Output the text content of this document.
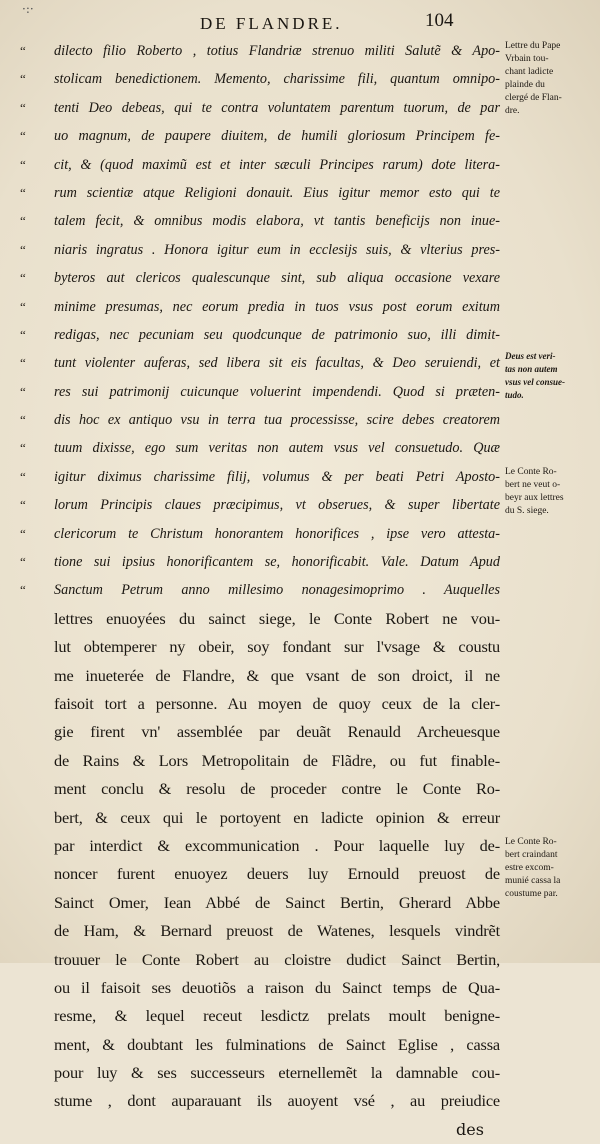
·:·
DE FLANDRE.	104
“	dilecto filio Roberto , totius Flandriæ strenuo militi Salutẽ & Apo-
“	stolicam benedictionem. Memento, charissime fili, quantum omnipo-
“	tenti Deo debeas, qui te contra voluntatem parentum tuorum, de par
“	uo magnum, de paupere diuitem, de humili gloriosum Principem fe-
“	cit, & (quod maximũ est et inter sæculi Principes rarum) dote litera-
“	rum scientiæ atque Religioni donauit. Eius igitur memor esto qui te
“	talem fecit, & omnibus modis elabora, vt tantis beneficijs non inue-
“	niaris ingratus . Honora igitur eum in ecclesijs suis, & vlterius pres-
“	byteros aut clericos qualescunque sint, sub aliqua occasione vexare
“	minime presumas, nec eorum predia in tuos vsus post eorum exitum
“	redigas, nec pecuniam seu quodcunque de patrimonio suo, illi dimit-
“	tunt violenter auferas, sed libera sit eis facultas, & Deo seruiendi, et
“	res sui patrimonij cuicunque voluerint impendendi. Quod si præten-
“	dis hoc ex antiquo vsu in terra tua processisse, scire debes creatorem
“	tuum dixisse, ego sum veritas non autem vsus vel consuetudo. Quæ
“	igitur diximus charissime filij, volumus & per beati Petri Aposto-
“	lorum Principis claues præcipimus, vt obserues, & super libertate
“	clericorum te Christum honorantem honorifices , ipse vero attesta-
“	tione sui ipsius honorificantem se, honorificabit. Vale. Datum Apud
“	Sanctum Petrum anno millesimo nonagesimoprimo . Auquelles
lettres enuoyées du sainct siege, le Conte Robert ne vou-
lut obtemperer ny obeir, soy fondant sur l'vsage & coustu
me inueterée de Flandre, & que vsant de son droict, il ne
faisoit tort a personne. Au moyen de quoy ceux de la cler-
gie firent vn' assemblée par deuãt Renauld Archeuesque
de Rains & Lors Metropolitain de Flãdre, ou fut finable-
ment conclu & resolu de proceder contre le Conte Ro-
bert, & ceux qui le portoyent en ladicte opinion & erreur
par interdict & excommunication . Pour laquelle luy de-
noncer furent enuoyez deuers luy Ernould preuost de
Sainct Omer, Iean Abbé de Sainct Bertin, Gherard Abbe
de Ham, & Bernard preuost de Watenes, lesquels vindrẽt
trouuer le Conte Robert au cloistre dudict Sainct Bertin,
ou il faisoit ses deuotiõs a raison du Sainct temps de Qua-
resme, & lequel receut lesdictz prelats moult benigne-
ment, & doubtant les fulminations de Sainct Eglise , cassa
pour luy & ses successeurs eternellemẽt la damnable cou-
stume , dont auparauant ils auoyent vsé , au preiudice
des
Lettre du Pape
Vrbain tou-
chant ladicte
plainde du
clergé de Flan-
dre.
Deus est veri-
tas non autem
vsus vel consue-
tudo.
Le Conte Ro-
bert ne veut o-
beyr aux lettres
du S. siege.
Le Conte Ro-
bert craindant
estre excom-
munié cassa la
coustume par.
